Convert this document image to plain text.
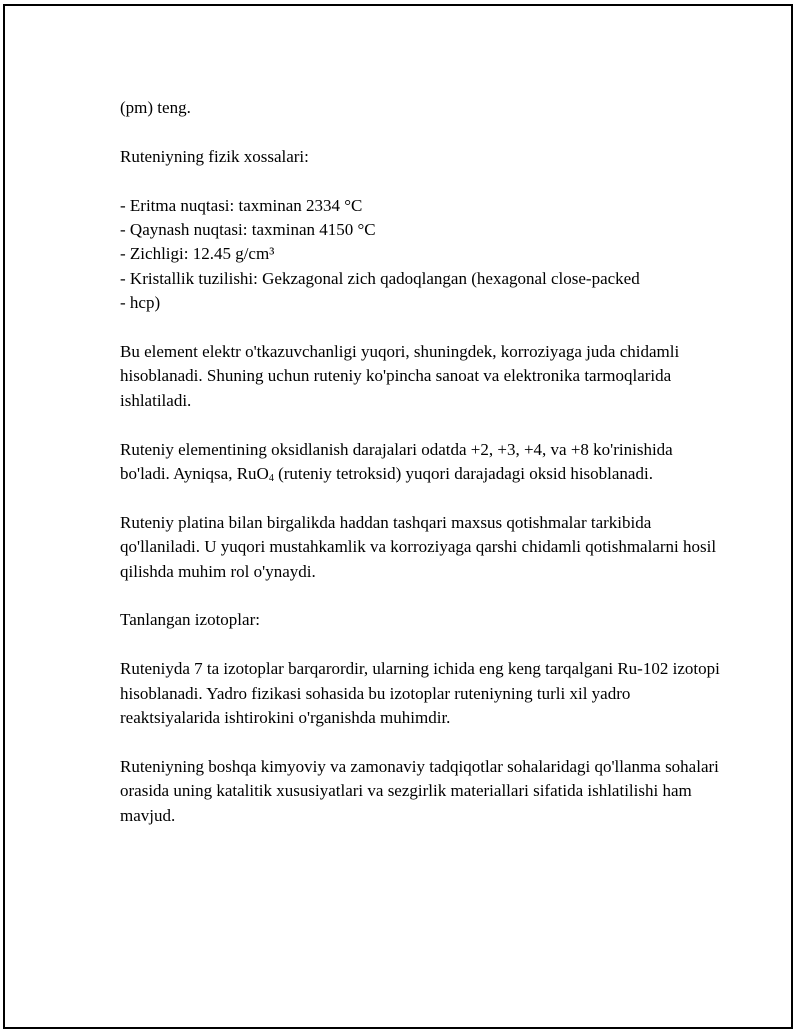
(pm) teng.

Ruteniyning fizik xossalari:

- Eritma nuqtasi: taxminan 2334 °C

- Qaynash nuqtasi: taxminan 4150 °C

- Zichligi: 12.45 g/cm³

- Kristallik tuzilishi: Gekzagonal zich qadoqlangan (hexagonal close-packed

- hcp)

Bu element elektr o'tkazuvchanligi yuqori, shuningdek, korroziyaga juda chidamli hisoblanadi. Shuning uchun ruteniy ko'pincha sanoat va elektronika tarmoqlarida ishlatiladi.

Ruteniy elementining oksidlanish darajalari odatda +2, +3, +4, va +8 ko'rinishida bo'ladi. Ayniqsa, RuO$_4$ (ruteniy tetroksid) yuqori darajadagi oksid hisoblanadi.

Ruteniy platina bilan birgalikda haddan tashqari maxsus qotishmalar tarkibida qo'llaniladi. U yuqori mustahkamlik va korroziyaga qarshi chidamli qotishmalarni hosil qilishda muhim rol o'ynaydi.

Tanlangan izotoplar:

Ruteniyda 7 ta izotoplar barqarordir, ularning ichida eng keng tarqalgani Ru-102 izotopi hisoblanadi. Yadro fizikasi sohasida bu izotoplar ruteniyning turli xil yadro reaktsiyalarida ishtirokini o'rganishda muhimdir.

Ruteniyning boshqa kimyoviy va zamonaviy tadqiqotlar sohalaridagi qo'llanma sohalari orasida uning katalitik xususiyatlari va sezgirlik materiallari sifatida ishlatilishi ham mavjud.
